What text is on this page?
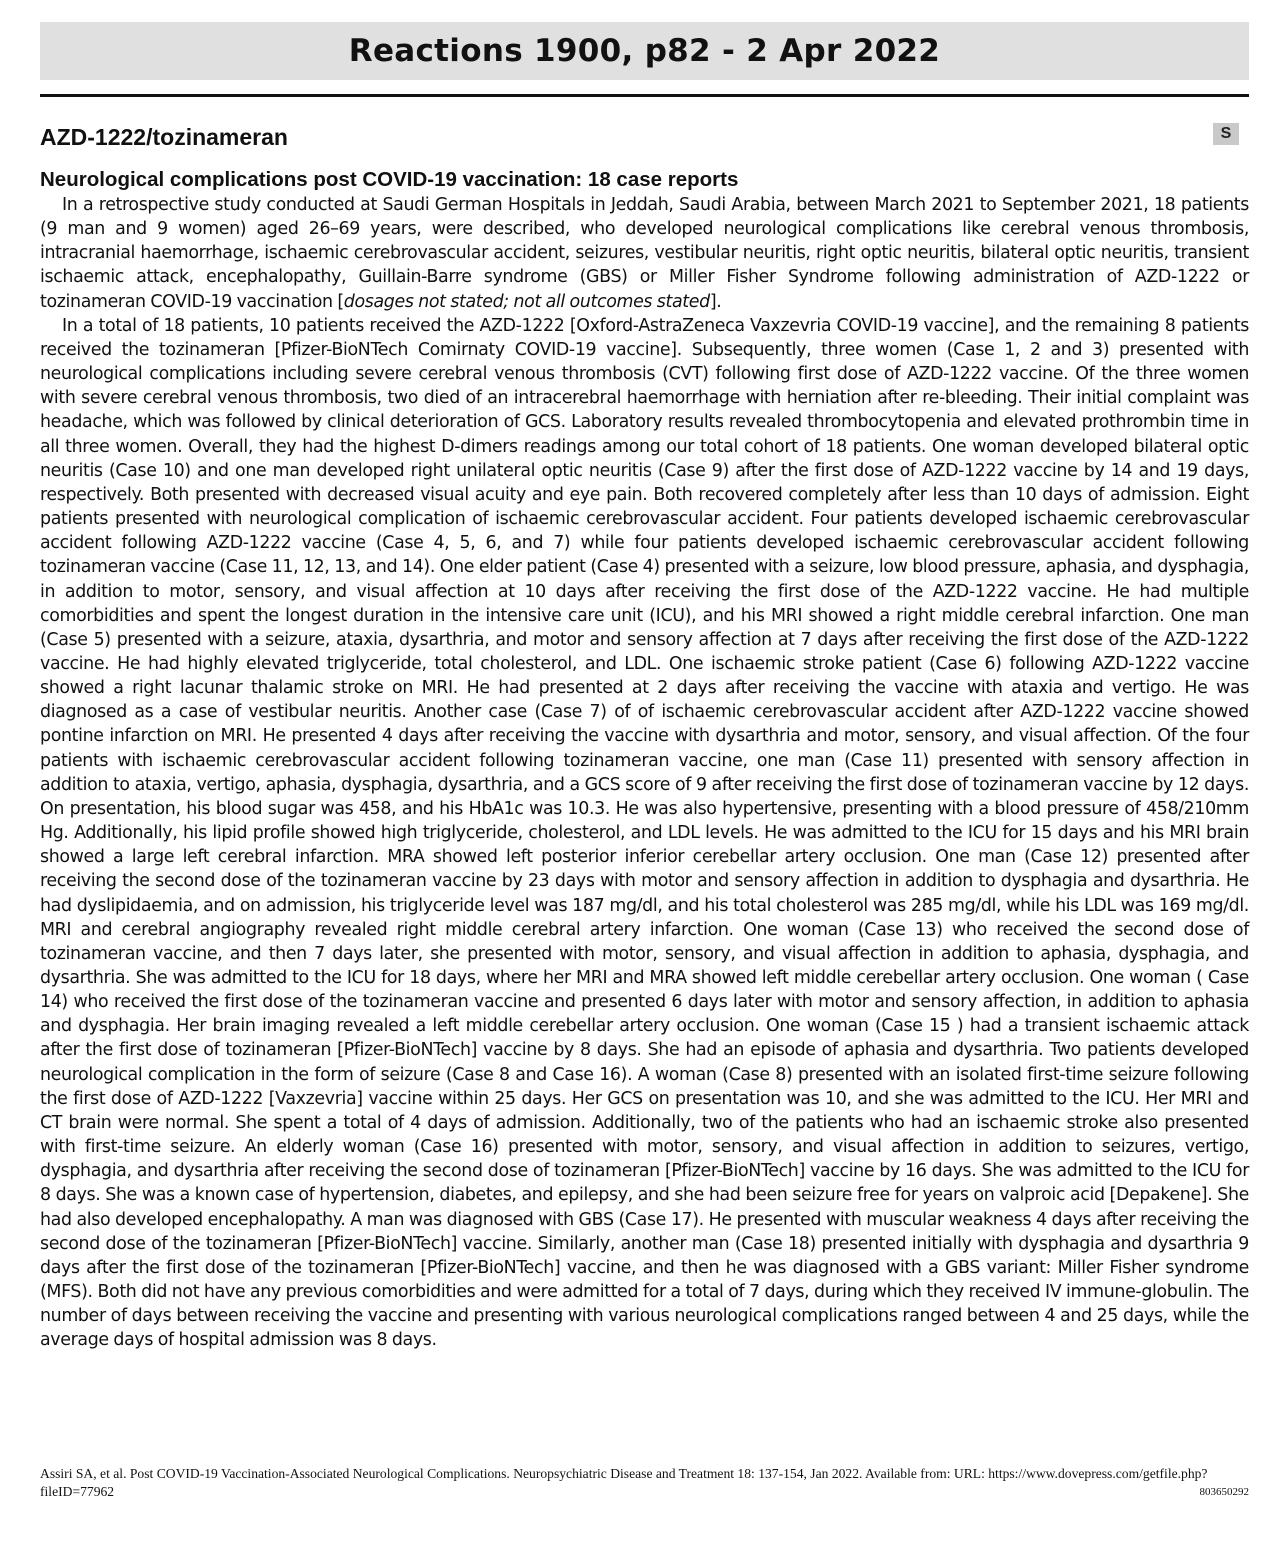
Reactions 1900, p82 - 2 Apr 2022
AZD-1222/tozinameran	S
Neurological complications post COVID-19 vaccination: 18 case reports

In a retrospective study conducted at Saudi German Hospitals in Jeddah, Saudi Arabia, between March 2021 to September 2021, 18 patients (9 man and 9 women) aged 26–69 years, were described, who developed neurological complications like cerebral venous thrombosis, intracranial haemorrhage, ischaemic cerebrovascular accident, seizures, vestibular neuritis, right optic neuritis, bilateral optic neuritis, transient ischaemic attack, encephalopathy, Guillain-Barre syndrome (GBS) or Miller Fisher Syndrome following administration of AZD-1222 or tozinameran COVID-19 vaccination [dosages not stated; not all outcomes stated].

In a total of 18 patients, 10 patients received the AZD-1222 [Oxford-AstraZeneca Vaxzevria COVID-19 vaccine], and the remaining 8 patients received the tozinameran [Pfizer-BioNTech Comirnaty COVID-19 vaccine]. Subsequently, three women (Case 1, 2 and 3) presented with neurological complications including severe cerebral venous thrombosis (CVT) following first dose of AZD-1222 vaccine. Of the three women with severe cerebral venous thrombosis, two died of an intracerebral haemorrhage with herniation after re-bleeding. Their initial complaint was headache, which was followed by clinical deterioration of GCS. Laboratory results revealed thrombocytopenia and elevated prothrombin time in all three women. Overall, they had the highest D-dimers readings among our total cohort of 18 patients. One woman developed bilateral optic neuritis (Case 10) and one man developed right unilateral optic neuritis (Case 9) after the first dose of AZD-1222 vaccine by 14 and 19 days, respectively. Both presented with decreased visual acuity and eye pain. Both recovered completely after less than 10 days of admission. Eight patients presented with neurological complication of ischaemic cerebrovascular accident. Four patients developed ischaemic cerebrovascular accident following AZD-1222 vaccine (Case 4, 5, 6, and 7) while four patients developed ischaemic cerebrovascular accident following tozinameran vaccine (Case 11, 12, 13, and 14). One elder patient (Case 4) presented with a seizure, low blood pressure, aphasia, and dysphagia, in addition to motor, sensory, and visual affection at 10 days after receiving the first dose of the AZD-1222 vaccine. He had multiple comorbidities and spent the longest duration in the intensive care unit (ICU), and his MRI showed a right middle cerebral infarction. One man (Case 5) presented with a seizure, ataxia, dysarthria, and motor and sensory affection at 7 days after receiving the first dose of the AZD-1222 vaccine. He had highly elevated triglyceride, total cholesterol, and LDL. One ischaemic stroke patient (Case 6) following AZD-1222 vaccine showed a right lacunar thalamic stroke on MRI. He had presented at 2 days after receiving the vaccine with ataxia and vertigo. He was diagnosed as a case of vestibular neuritis. Another case (Case 7) of of ischaemic cerebrovascular accident after AZD-1222 vaccine showed pontine infarction on MRI. He presented 4 days after receiving the vaccine with dysarthria and motor, sensory, and visual affection. Of the four patients with ischaemic cerebrovascular accident following tozinameran vaccine, one man (Case 11) presented with sensory affection in addition to ataxia, vertigo, aphasia, dysphagia, dysarthria, and a GCS score of 9 after receiving the first dose of tozinameran vaccine by 12 days. On presentation, his blood sugar was 458, and his HbA1c was 10.3. He was also hypertensive, presenting with a blood pressure of 458/210mm Hg. Additionally, his lipid profile showed high triglyceride, cholesterol, and LDL levels. He was admitted to the ICU for 15 days and his MRI brain showed a large left cerebral infarction. MRA showed left posterior inferior cerebellar artery occlusion. One man (Case 12) presented after receiving the second dose of the tozinameran vaccine by 23 days with motor and sensory affection in addition to dysphagia and dysarthria. He had dyslipidaemia, and on admission, his triglyceride level was 187 mg/dl, and his total cholesterol was 285 mg/dl, while his LDL was 169 mg/dl. MRI and cerebral angiography revealed right middle cerebral artery infarction. One woman (Case 13) who received the second dose of tozinameran vaccine, and then 7 days later, she presented with motor, sensory, and visual affection in addition to aphasia, dysphagia, and dysarthria. She was admitted to the ICU for 18 days, where her MRI and MRA showed left middle cerebellar artery occlusion. One woman ( Case 14) who received the first dose of the tozinameran vaccine and presented 6 days later with motor and sensory affection, in addition to aphasia and dysphagia. Her brain imaging revealed a left middle cerebellar artery occlusion. One woman (Case 15 ) had a transient ischaemic attack after the first dose of tozinameran [Pfizer-BioNTech] vaccine by 8 days. She had an episode of aphasia and dysarthria. Two patients developed neurological complication in the form of seizure (Case 8 and Case 16). A woman (Case 8) presented with an isolated first-time seizure following the first dose of AZD-1222 [Vaxzevria] vaccine within 25 days. Her GCS on presentation was 10, and she was admitted to the ICU. Her MRI and CT brain were normal. She spent a total of 4 days of admission. Additionally, two of the patients who had an ischaemic stroke also presented with first-time seizure. An elderly woman (Case 16) presented with motor, sensory, and visual affection in addition to seizures, vertigo, dysphagia, and dysarthria after receiving the second dose of tozinameran [Pfizer-BioNTech] vaccine by 16 days. She was admitted to the ICU for 8 days. She was a known case of hypertension, diabetes, and epilepsy, and she had been seizure free for years on valproic acid [Depakene]. She had also developed encephalopathy. A man was diagnosed with GBS (Case 17). He presented with muscular weakness 4 days after receiving the second dose of the tozinameran [Pfizer-BioNTech] vaccine. Similarly, another man (Case 18) presented initially with dysphagia and dysarthria 9 days after the first dose of the tozinameran [Pfizer-BioNTech] vaccine, and then he was diagnosed with a GBS variant: Miller Fisher syndrome (MFS). Both did not have any previous comorbidities and were admitted for a total of 7 days, during which they received IV immune-globulin. The number of days between receiving the vaccine and presenting with various neurological complications ranged between 4 and 25 days, while the average days of hospital admission was 8 days.

Assiri SA, et al. Post COVID-19 Vaccination-Associated Neurological Complications. Neuropsychiatric Disease and Treatment 18: 137-154, Jan 2022. Available from: URL: https://www.dovepress.com/getfile.php?fileID=77962	803650292
